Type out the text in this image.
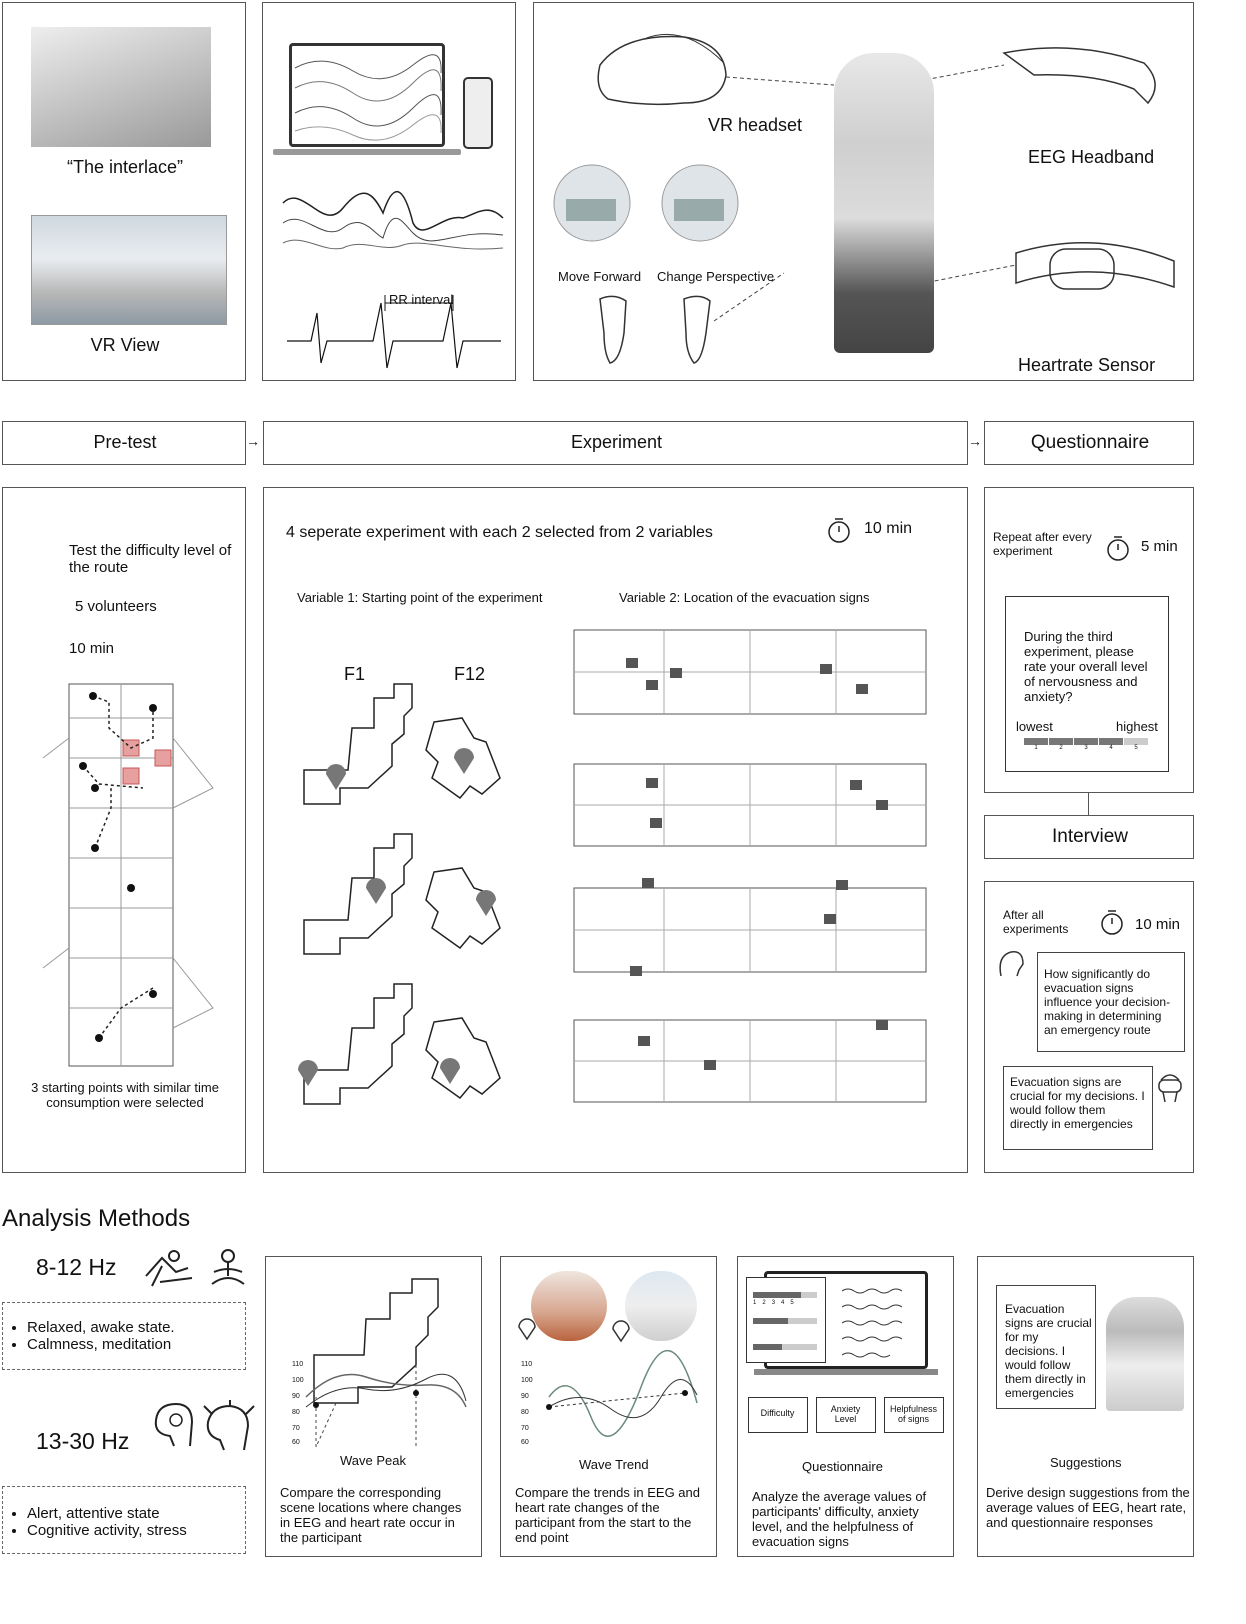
“The interlace”
VR View
RR interval
VR headset
EEG Headband
Heartrate Sensor
Move Forward Change Perspective
Pre-test	→	Experiment	→	Questionnaire
Test the difficulty level of the route
5 volunteers
10 min
3 starting points with similar time consumption were selected
4 seperate experiment with each 2 selected from 2 variables	10 min
Variable 1: Starting point of the experiment	Variable 2: Location of the evacuation signs
F1	F12
Repeat after every experiment	5 min
During the third experiment, please rate your overall level of nervousness and anxiety?
lowest	highest
1	2	3	4	5
Interview
After all experiments	10 min
How significantly do evacuation signs influence your decision-making in determining an emergency route
Evacuation signs are crucial for my decisions. I would follow them directly in emergencies
Analysis Methods
8-12 Hz
• Relaxed, awake state.
• Calmness, meditation
13-30 Hz
• Alert, attentive state
• Cognitive activity, stress
110
100
90
80
70
60
Wave Peak
Compare the corresponding scene locations where changes in EEG and heart rate occur in the participant
110
100
90
80
70
60
Wave Trend
Compare the trends in EEG and heart rate changes of the participant from the start to the end point
12345
Difficulty	Anxiety Level
Helpfulness of signs
Questionnaire
Analyze the average values of participants' difficulty, anxiety level, and the helpfulness of evacuation signs
Evacuation signs are crucial for my decisions. I would follow them directly in emergencies
Suggestions
Derive design suggestions from the average values of EEG, heart rate, and questionnaire responses
